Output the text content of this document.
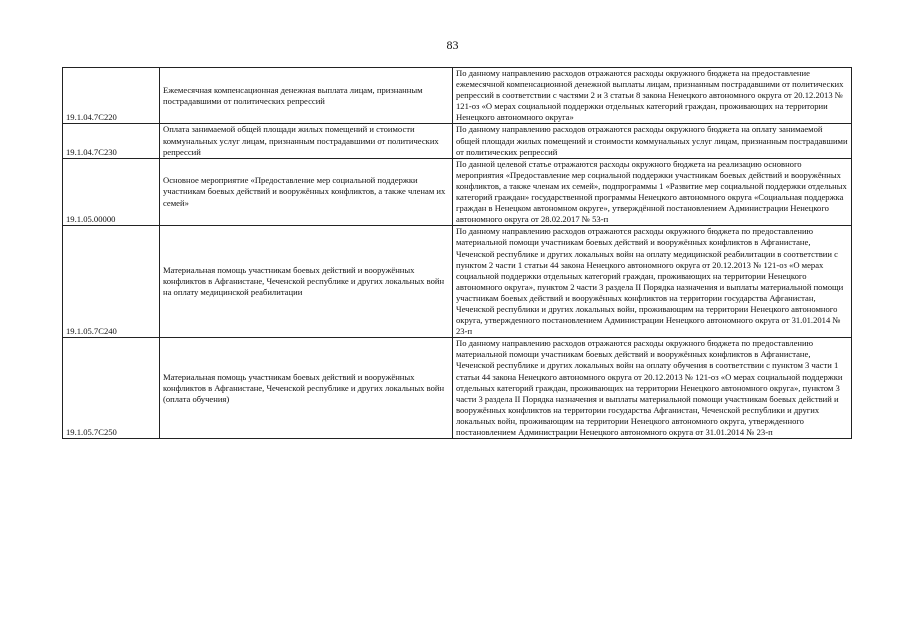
83
19.1.04.7С220	Ежемесячная компенсационная денежная выплата лицам, признанным пострадавшими от политических репрессий	По данному направлению расходов отражаются расходы окружного бюджета на предоставление ежемесячной компенсационной денежной выплаты лицам, признанным пострадавшими от политических репрессий в соответствии с частями 2 и 3 статьи 8 закона Ненецкого автономного округа от 20.12.2013 № 121-оз «О мерах социальной поддержки отдельных категорий граждан, проживающих на территории Ненецкого автономного округа»
19.1.04.7С230	Оплата занимаемой общей площади жилых помещений и стоимости коммунальных услуг лицам, признанным пострадавшими от политических репрессий	По данному направлению расходов отражаются расходы окружного бюджета на оплату занимаемой общей площади жилых помещений и стоимости коммунальных услуг лицам, признанным пострадавшими от политических репрессий
19.1.05.00000	Основное мероприятие «Предоставление мер социальной поддержки участникам боевых действий и вооружённых конфликтов, а также членам их семей»	По данной целевой статье отражаются расходы окружного бюджета на реализацию основного мероприятия «Предоставление мер социальной поддержки участникам боевых действий и вооружённых конфликтов, а также членам их семей», подпрограммы 1 «Развитие мер социальной поддержки отдельных категорий граждан» государственной программы Ненецкого автономного округа «Социальная поддержка граждан в Ненецком автономном округе», утверждённой постановлением Администрации Ненецкого автономного округа от 28.02.2017 № 53-п
19.1.05.7С240	Материальная помощь участникам боевых действий и вооружённых конфликтов в Афганистане, Чеченской республике и других локальных войн на оплату медицинской реабилитации	По данному направлению расходов отражаются расходы окружного бюджета по предоставлению материальной помощи участникам боевых действий и вооружённых конфликтов в Афганистане, Чеченской республике и других локальных войн на оплату медицинской реабилитации в соответствии с пунктом 2 части 1 статьи 44 закона Ненецкого автономного округа от 20.12.2013 № 121-оз «О мерах социальной поддержки отдельных категорий граждан, проживающих на территории Ненецкого автономного округа», пунктом 2 части 3 раздела II Порядка назначения и выплаты материальной помощи участникам боевых действий и вооружённых конфликтов на территории государства Афганистан, Чеченской республики и других локальных войн, проживающим на территории Ненецкого автономного округа, утвержденного постановлением Администрации Ненецкого автономного округа от 31.01.2014 № 23-п
19.1.05.7С250	Материальная помощь участникам боевых действий и вооружённых конфликтов в Афганистане, Чеченской республике и других локальных войн (оплата обучения)	По данному направлению расходов отражаются расходы окружного бюджета по предоставлению материальной помощи участникам боевых действий и вооружённых конфликтов в Афганистане, Чеченской республике и других локальных войн на оплату обучения в соответствии с пунктом 3 части 1 статьи 44 закона Ненецкого автономного округа от 20.12.2013 № 121-оз «О мерах социальной поддержки отдельных категорий граждан, проживающих на территории Ненецкого автономного округа», пунктом 3 части 3 раздела II Порядка назначения и выплаты материальной помощи участникам боевых действий и вооружённых конфликтов на территории государства Афганистан, Чеченской республики и других локальных войн, проживающим на территории Ненецкого автономного округа, утвержденного постановлением Администрации Ненецкого автономного округа от 31.01.2014 № 23-п
